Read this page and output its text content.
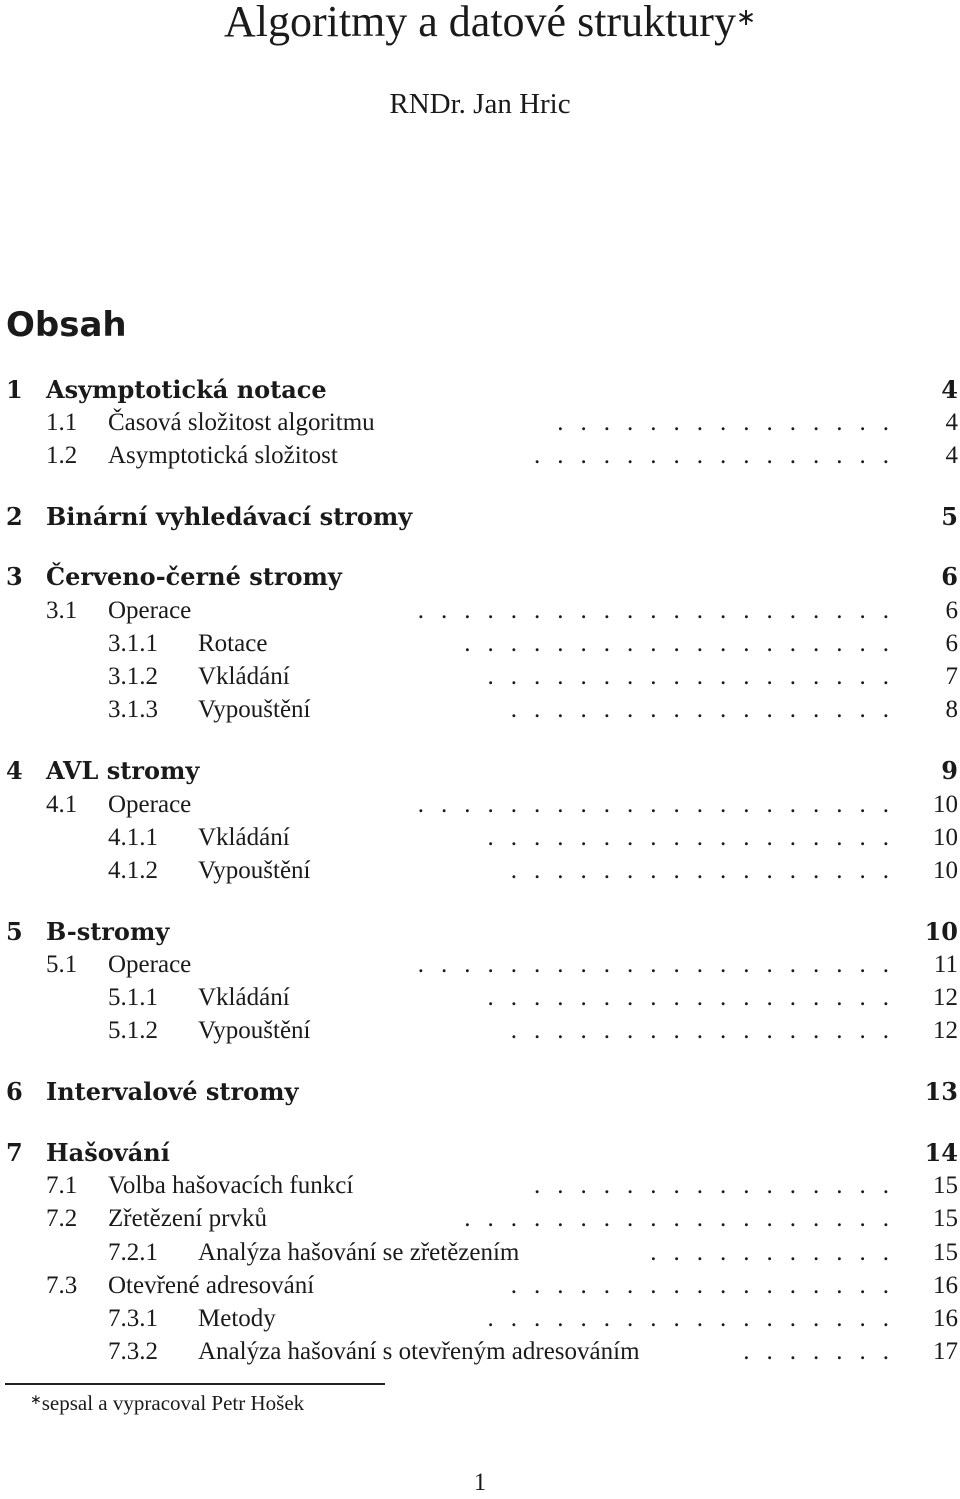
Algoritmy a datové struktury∗
RNDr. Jan Hric
Obsah
1 Asymptotická notace	4
1.1 Časová složitost algoritmu	............... 4
1.2 Asymptotická složitost	................ 4
2 Binární vyhledávací stromy	5
3 Červeno-černé stromy	6
3.1 Operace	..................... 6
3.1.1 Rotace	................... 6
3.1.2 Vkládání	.................. 7
3.1.3 Vypouštění	................. 8
4 AVL stromy	9
4.1 Operace	..................... 10
4.1.1 Vkládání	.................. 10
4.1.2 Vypouštění	................. 10
5 B-stromy	10
5.1 Operace	..................... 11
5.1.1 Vkládání	.................. 12
5.1.2 Vypouštění	................. 12
6 Intervalové stromy	13
7 Hašování	14
7.1 Volba hašovacích funkcí	................ 15
7.2 Zřetězení prvků	................... 15
7.2.1 Analýza hašování se zřetězením	........... 15
7.3 Otevřené adresování	................. 16
7.3.1 Metody	.................. 16
7.3.2 Analýza hašování s otevřeným adresováním	....... 17
∗sepsal a vypracoval Petr Hošek
1
